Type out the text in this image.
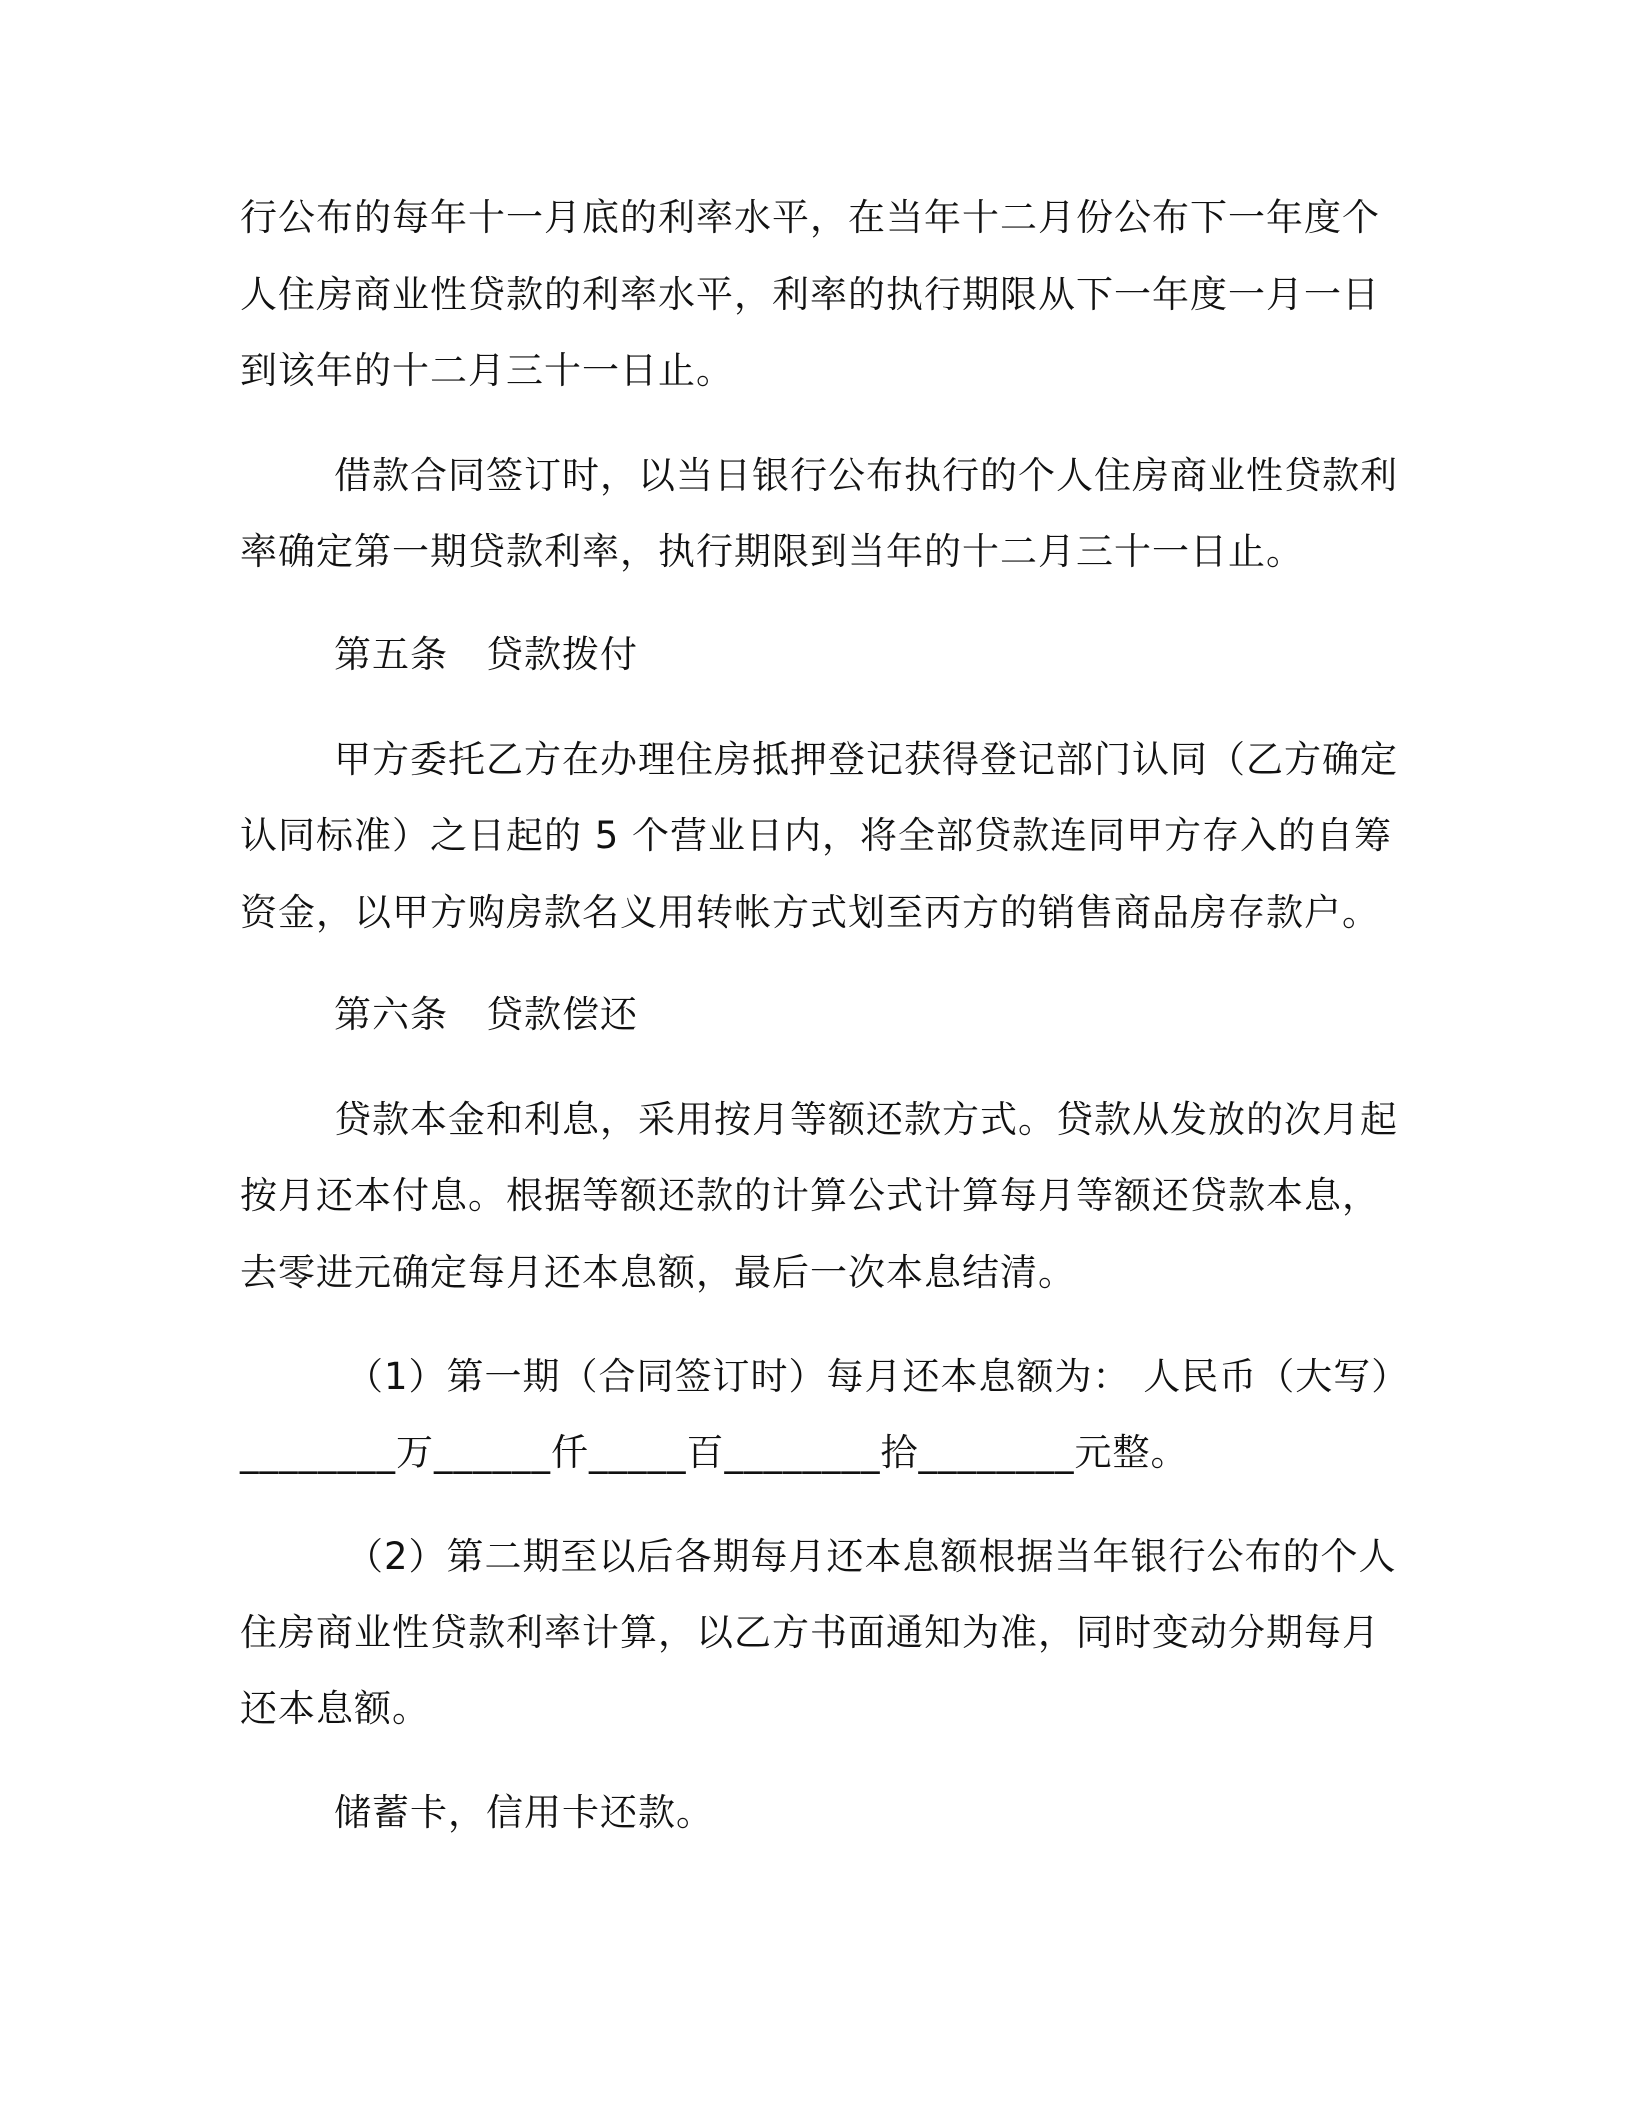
行公布的每年十一月底的利率水平，在当年十二月份公布下一年度个
人住房商业性贷款的利率水平，利率的执行期限从下一年度一月一日
到该年的十二月三十一日止。
借款合同签订时，以当日银行公布执行的个人住房商业性贷款利
率确定第一期贷款利率，执行期限到当年的十二月三十一日止。
第五条　贷款拨付
甲方委托乙方在办理住房抵押登记获得登记部门认同（乙方确定
认同标准）之日起的 5 个营业日内，将全部贷款连同甲方存入的自筹
资金，以甲方购房款名义用转帐方式划至丙方的销售商品房存款户。
第六条　贷款偿还
贷款本金和利息，采用按月等额还款方式。贷款从发放的次月起
按月还本付息。根据等额还款的计算公式计算每月等额还贷款本息，
去零进元确定每月还本息额，最后一次本息结清。
（1）第一期（合同签订时）每月还本息额为： 人民币（大写）
________万______仟_____百________拾________元整。
（2）第二期至以后各期每月还本息额根据当年银行公布的个人
住房商业性贷款利率计算，以乙方书面通知为准，同时变动分期每月
还本息额。
储蓄卡，信用卡还款。
